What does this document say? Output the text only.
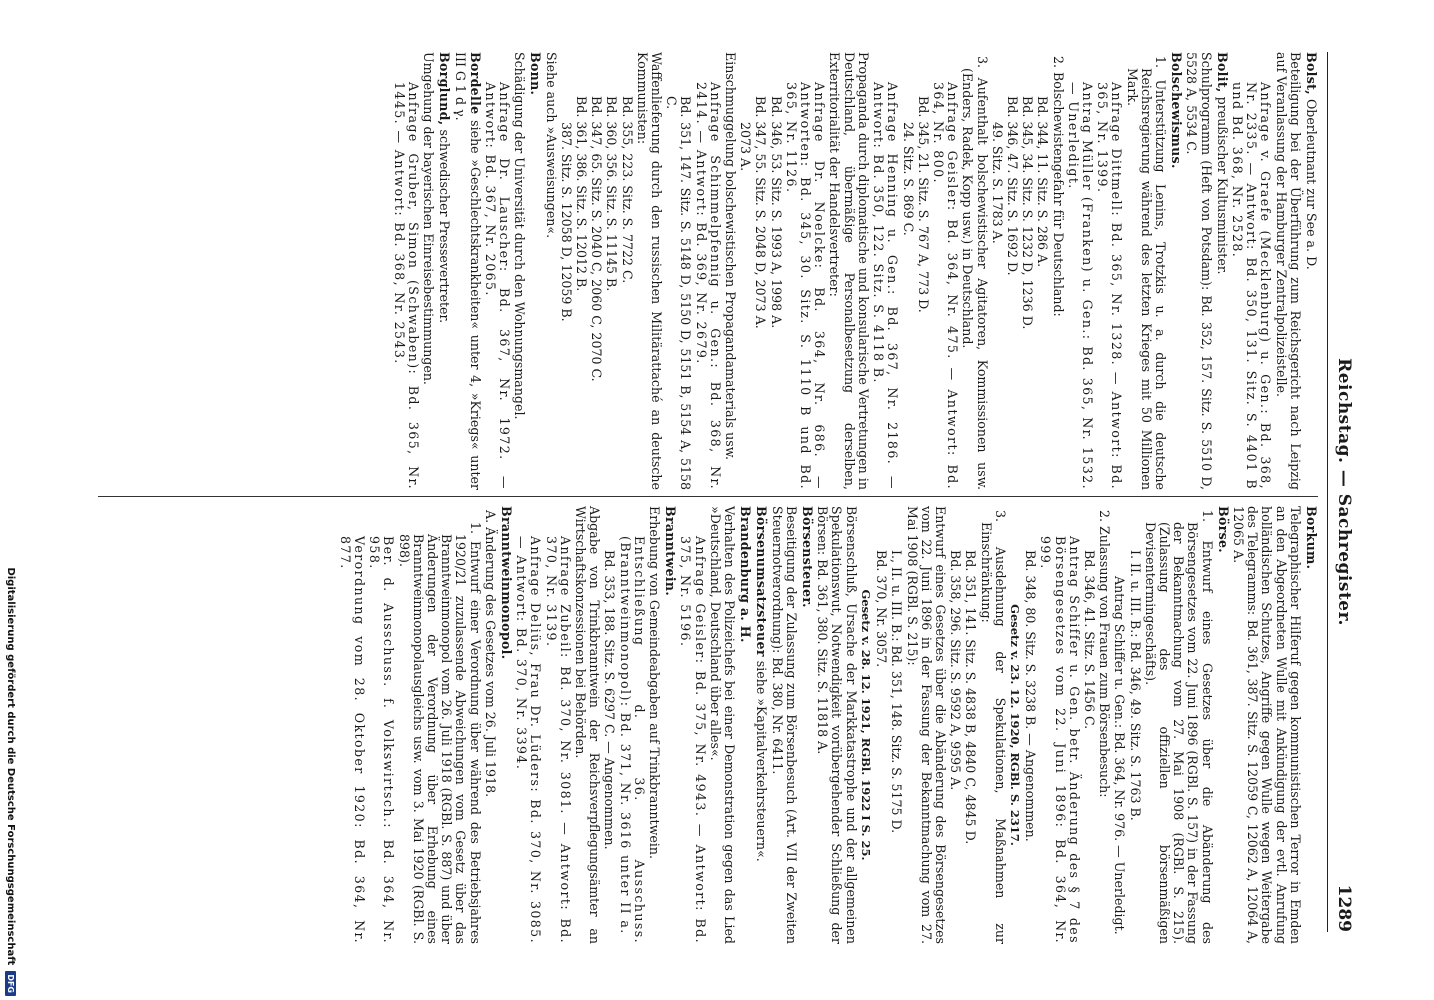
Reichstag. — Sachregister.
1289
Bolst, Oberleutnant zur See a. D.
Beteiligung bei der Überführung zum Reichsgericht nach Leipzig auf Veranlassung der Hamburger Zentralpolizeistelle.
Anfrage v. Graefe (Mecklenburg) u. Gen.: Bd. 368, Nr. 2335. — Antwort: Bd. 350, 131. Sitz. S. 4401 B und Bd. 368, Nr. 2528.
Bolit, preußischer Kultusminister.
Schulprogramm (Heft von Potsdam): Bd. 352, 157. Sitz. S. 5510 D, 5528 A, 5534 C.
Bolschewismus.
1. Unterstützung Lenins, Trotzkis u. a. durch die deutsche Reichsregierung während des letzten Krieges mit 50 Millionen Mark.
Anfrage Dittmell: Bd. 365, Nr. 1328. — Antwort: Bd. 365, Nr. 1399.
Antrag Müller (Franken) u. Gen.: Bd. 365, Nr. 1532. — Unerledigt.
2. Bolschewistengefahr für Deutschland:
Bd. 344, 11. Sitz. S. 286 A.
Bd. 345, 34. Sitz. S. 1232 D, 1236 D.
Bd. 346, 47. Sitz. S. 1692 D.
49. Sitz. S. 1783 A.
3. Aufenthalt bolschewistischer Agitatoren, Kommissionen usw. (Enders, Radek, Kopp usw.) in Deutschland.
Anfrage Geisler: Bd. 364, Nr. 475. — Antwort: Bd. 364, Nr. 800.
Bd. 345, 21. Sitz. S. 767 A, 773 D.
24. Sitz. S. 869 C.
Anfrage Henning u. Gen.: Bd. 367, Nr. 2186. — Antwort: Bd. 350, 122. Sitz. S. 4118 B.
Propaganda durch diplomatische und konsularische Vertretungen in Deutschland, übermäßige Personalbesetzung derselben, Exterritorialität der Handelsvertreter:
Anfrage Dr. Noelcke: Bd. 364, Nr. 686. — Antworten: Bd. 345, 30. Sitz. S. 1110 B und Bd. 365, Nr. 1126.
Bd. 346, 53. Sitz. S. 1993 A, 1998 A.
Bd. 347, 55. Sitz. S. 2048 D, 2073 A.
2073 A.
Einschmuggelung bolschewistischen Propagandamaterials usw.
Anfrage Schimmelpfennig u. Gen.: Bd. 368, Nr. 2414. — Antwort: Bd. 369, Nr. 2679.
Bd. 351, 147. Sitz. S. 5148 D, 5150 D, 5151 B, 5154 A, 5158 C.
Waffenlieferung durch den russischen Militärattaché an deutsche Kommunisten:
Bd. 355, 223. Sitz. S. 7722 C.
Bd. 360, 356. Sitz. S. 11145 B.
Bd. 347, 65. Sitz. S. 2040 C, 2060 C, 2070 C.
Bd. 361, 386. Sitz. S. 12012 B.
387. Sitz. S. 12058 D, 12059 B.
Siehe auch »Ausweisungen«.
Bonn.
Schädigung der Universität durch den Wohnungsmangel.
Anfrage Dr. Lauscher: Bd. 367, Nr. 1972. — Antwort: Bd. 367, Nr. 2065.
Bordelle siehe »Geschlechtskrankheiten« unter 4, »Kriegs« unter III G 1 d γ.
Borglund, schwedischer Pressevertreter.
Umgehung der bayerischen Einreisebestimmungen.
Anfrage Gruber, Simon (Schwaben): Bd. 365, Nr. 1445. — Antwort: Bd. 368, Nr. 2543.
Borkum.
Telegraphischer Hilferuf gegen kommunistischen Terror in Emden an den Abgeordneten Wulle mit Ankündigung der evtl. Anrufung holländischen Schutzes, Angriffe gegen Wulle wegen Weitergabe des Telegramms: Bd. 361, 387. Sitz. S. 12059 C, 12062 A, 12064 A, 12065 A.
Börse.
1. Entwurf eines Gesetzes über die Abänderung des Börsengesetzes vom 22. Juni 1896 (RGBl. S. 157) in der Fassung der Bekanntmachung vom 27. Mai 1908 (RGBl. S. 215). (Zulassung des offiziellen börsenmäßigen Devisentermingeschäfts).
I. II. u. III. B.: Bd. 346, 49. Sitz. S. 1763 B.
Antrag Schiffer u. Gen.: Bd. 364, Nr. 976. — Unerledigt.
2. Zulassung von Frauen zum Börsenbesuch:
Bd. 346, 41. Sitz. S. 1456 C.
Antrag Schiffer u. Gen. betr. Änderung des § 7 des Börsengesetzes vom 22. Juni 1896: Bd. 364, Nr. 999.
Bd. 348, 80. Sitz. S. 3238 B. — Angenommen.
Gesetz v. 23. 12. 1920, RGBl. S. 2317.
3. Ausdehnung der Spekulationen, Maßnahmen zur Einschränkung:
Bd. 351, 141. Sitz. S. 4838 B, 4840 C, 4845 D.
Bd. 358, 296. Sitz. S. 9592 A, 9595 A.
Entwurf eines Gesetzes über die Abänderung des Börsengesetzes vom 22. Juni 1896 in der Fassung der Bekanntmachung vom 27. Mai 1908 (RGBl. S. 215):
I., II. u. III. B.: Bd. 351, 148. Sitz. S. 5175 D.
Bd. 370, Nr. 3057.
Gesetz v. 28. 12. 1921, RGBl. 1922 I S. 25.
Börsenschluß, Ursache der Markkatastrophe und der allgemeinen Spekulationswut, Notwendigkeit vorübergehender Schließung der Börsen: Bd. 361, 380. Sitz. S. 11818 A.
Börsensteuer.
Beseitigung der Zulassung zum Börsenbesuch (Art. VII der Zweiten Steuernotverordnung): Bd. 380, Nr. 6411.
Börsenumsatzsteuer siehe »Kapitalverkehrsteuern«.
Brandenburg a. H.
Verhalten des Polizeichefs bei einer Demonstration gegen das Lied »Deutschland, Deutschland über alles«.
Anfrage Geisler: Bd. 375, Nr. 4943. — Antwort: Bd. 375, Nr. 5196.
Branntwein.
Erhebung von Gemeindeabgaben auf Trinkbranntwein.
Entschließung d. 36. Ausschuss. (Branntweinmonopol): Bd. 371, Nr. 3616 unter II a.
Bd. 353, 188. Sitz. S. 6297 C. — Angenommen.
Abgabe von Trinkbranntwein der Reichsverpflegungsämter an Wirtschaftskonzessionen bei Behörden.
Anfrage Zubeil: Bd. 370, Nr. 3081. — Antwort: Bd. 370, Nr. 3139.
Anfrage Deliüs, Frau Dr. Lüders: Bd. 370, Nr. 3085. — Antwort: Bd. 370, Nr. 3394.
Branntweinmonopol.
A. Änderung des Gesetzes vom 26. Juli 1918.
1. Entwurf einer Verordnung über während des Betriebsjahres 1920/21 zuzulassende Abweichungen vom Gesetz über das Branntweinmonopol vom 26. Juli 1918 (RGBl. S. 887) und über Änderungen der Verordnung über Erhebung eines Branntweinmonopolausgleichs usw. vom 3. Mai 1920 (RGBl. S. 898).
Ber. d. Ausschuss. f. Volkswirtsch.: Bd. 364, Nr. 958.
Verordnung vom 28. Oktober 1920: Bd. 364, Nr. 877.
Digitalisierung gefördert durch die Deutsche Forschungsgemeinschaft
DFG
